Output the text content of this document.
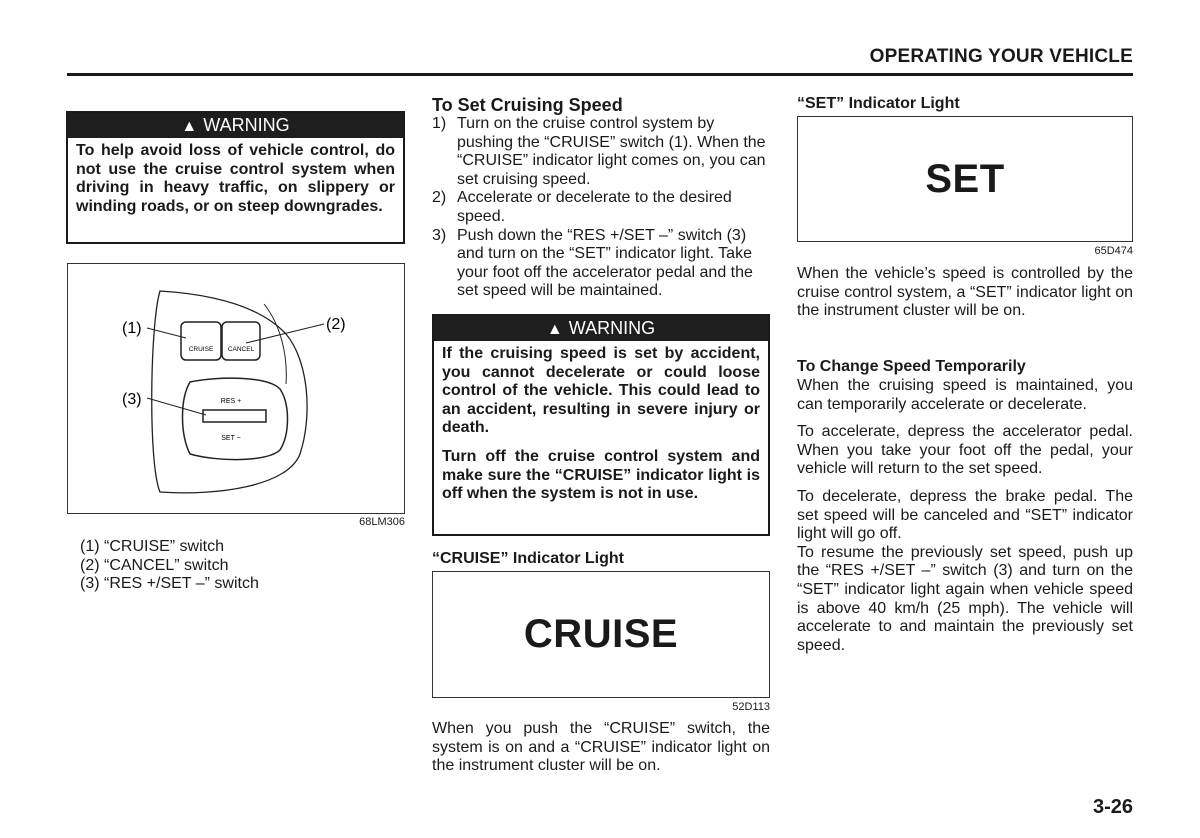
OPERATING YOUR VEHICLE
▲ WARNING

To help avoid loss of vehicle control, do not use the cruise control system when driving in heavy traffic, on slippery or winding roads, or on steep downgrades.

CRUISE CANCEL
RES +
SET −
(1)	(2)
(3)
68LM306
(1) “CRUISE” switch
(2) “CANCEL” switch
(3) “RES +/SET –” switch
To Set Cruising Speed
1) Turn on the cruise control system by pushing the “CRUISE” switch (1). When the “CRUISE” indicator light comes on, you can set cruising speed.
2) Accelerate or decelerate to the desired speed.
3) Push down the “RES +/SET –” switch (3) and turn on the “SET” indicator light. Take your foot off the accelerator pedal and the set speed will be maintained.
▲ WARNING

If the cruising speed is set by accident, you cannot decelerate or could loose control of the vehicle. This could lead to an accident, resulting in severe injury or death.

Turn off the cruise control system and make sure the “CRUISE” indicator light is off when the system is not in use.

“CRUISE” Indicator Light
CRUISE
52D113

When you push the “CRUISE” switch, the system is on and a “CRUISE” indicator light on the instrument cluster will be on.

“SET” Indicator Light
SET
65D474

When the vehicle’s speed is controlled by the cruise control system, a “SET” indicator light on the instrument cluster will be on.

To Change Speed Temporarily

When the cruising speed is maintained, you can temporarily accelerate or decelerate.

To accelerate, depress the accelerator pedal. When you take your foot off the pedal, your vehicle will return to the set speed.

To decelerate, depress the brake pedal. The set speed will be canceled and “SET” indicator light will go off.

To resume the previously set speed, push up the “RES +/SET –” switch (3) and turn on the “SET” indicator light again when vehicle speed is above 40 km/h (25 mph). The vehicle will accelerate to and maintain the previously set speed.

3-26
